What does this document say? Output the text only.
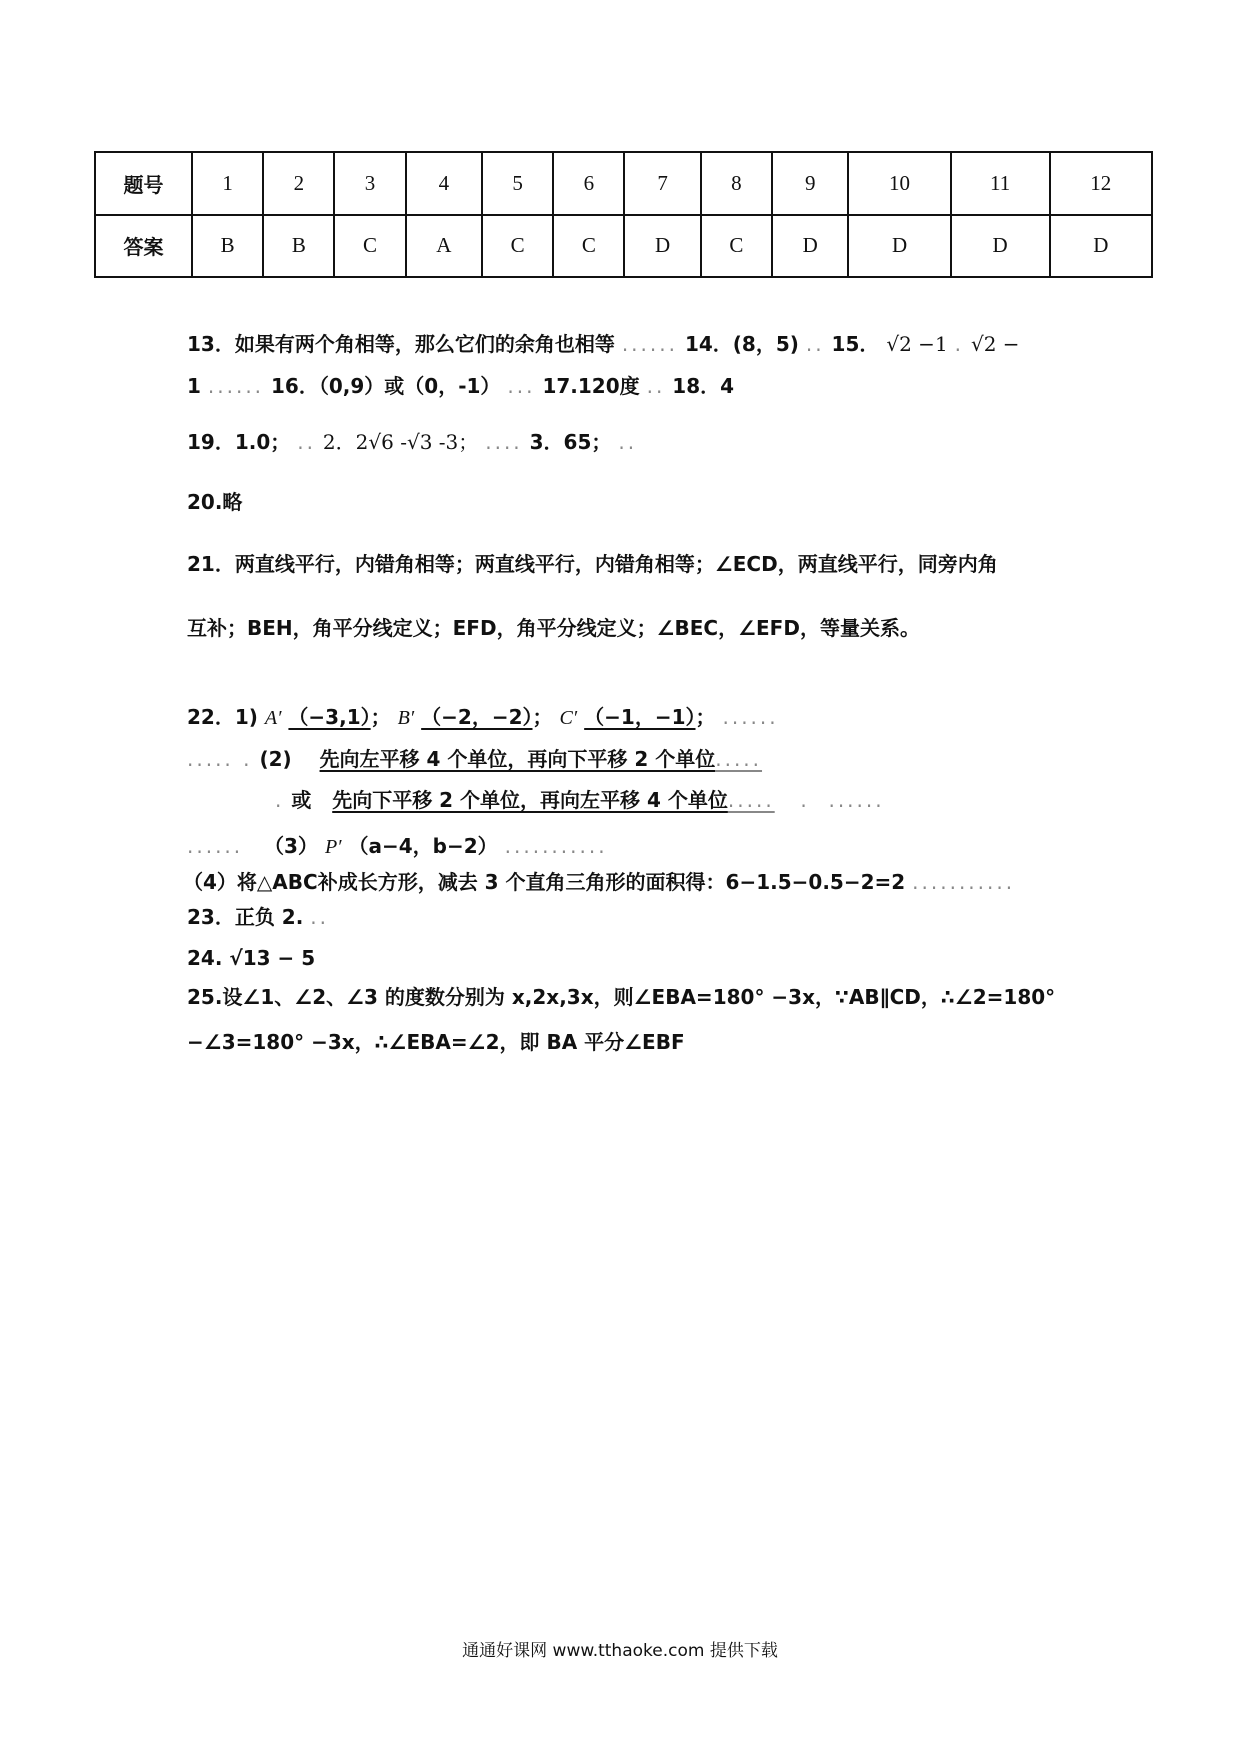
题号	1	2	3	4	5	6	7	8	9	10	11	12
答案	B	B	C	A	C	C	D	C	D	D	D	D
13．如果有两个角相等，那么它们的余角也相等 ...... 14．(8，5) .. 15． √2 −1 . √2 −
1 ...... 16．（0,9）或（0，-1） ... 17.120度 .. 18．4
19．1.0； .. 2．2√6 -√3 -3； .... 3．65； ..
20.略
21．两直线平行，内错角相等；两直线平行，内错角相等；∠ECD，两直线平行，同旁内角
互补；BEH，角平分线定义；EFD，角平分线定义；∠BEC，∠EFD，等量关系。
22．1) A′ （−3,1）； B′ （−2，−2）； C′ （−1，−1）； ......
..... . (2) 先向左平移 4 个单位，再向下平移 2 个单位.....
. 或 先向下平移 2 个单位，再向左平移 4 个单位.....   .  ......
...... （3） P′ （a−4，b−2） ...........
（4）将△ABC补成长方形，减去 3 个直角三角形的面积得：6−1.5−0.5−2=2 ...........
23．正负 2. ..
24. √13 − 5
25.设∠1、∠2、∠3 的度数分别为 x,2x,3x，则∠EBA=180° −3x，∵AB∥CD，∴∠2=180°
−∠3=180° −3x，∴∠EBA=∠2，即 BA 平分∠EBF
通通好课网 www.tthaoke.com 提供下载
